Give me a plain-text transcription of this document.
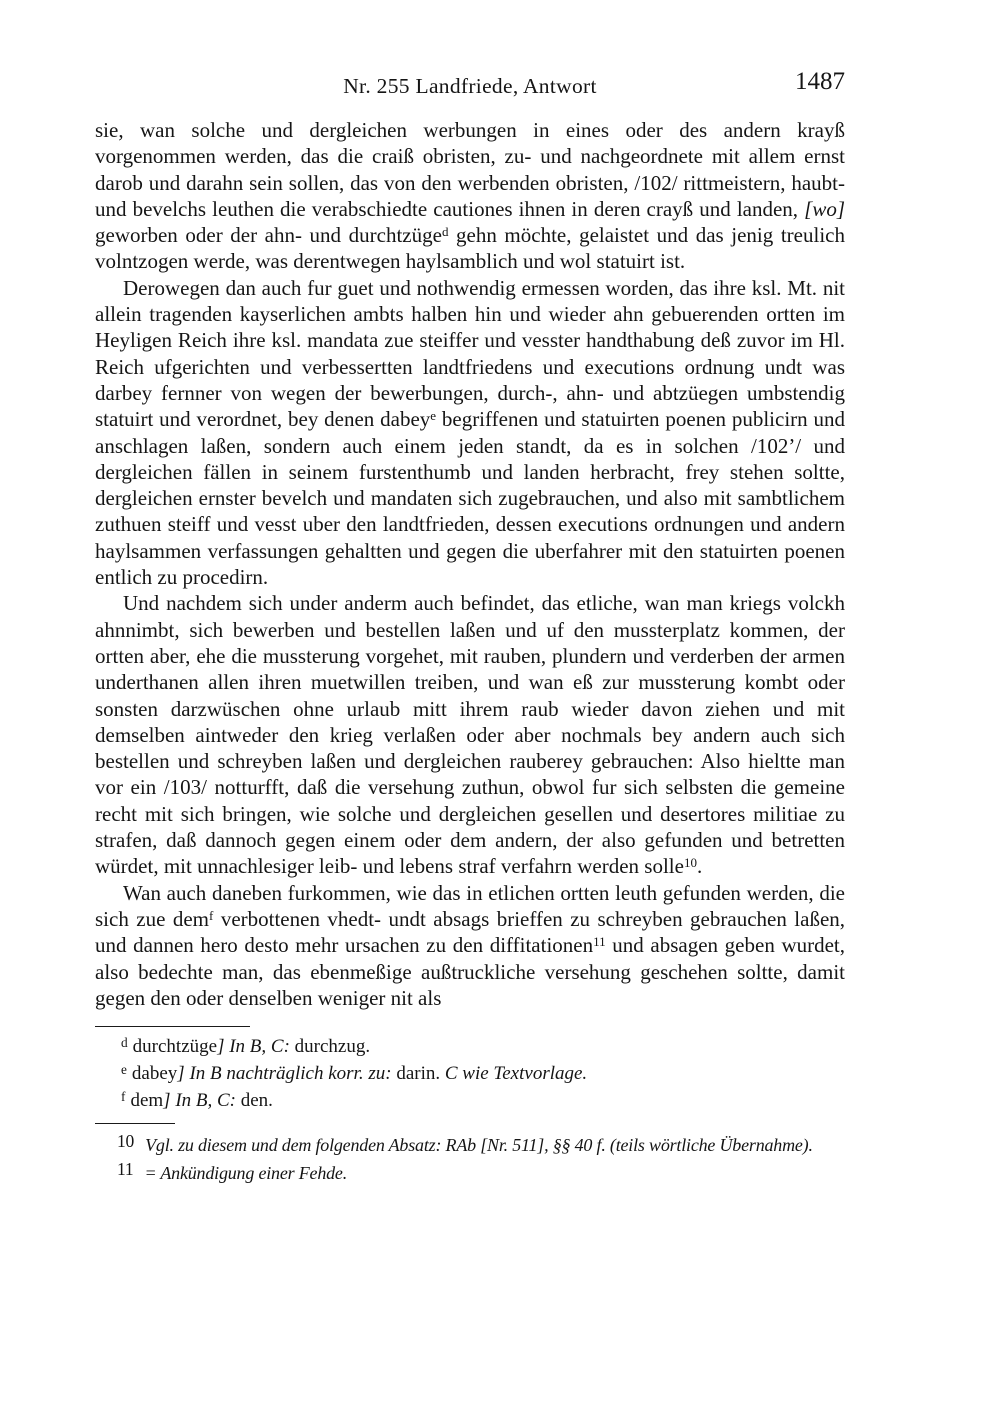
Nr. 255 Landfriede, Antwort	1487

sie, wan solche und dergleichen werbungen in eines oder des andern krayß vorgenommen werden, das die craiß obristen, zu- und nachgeordnete mit allem ernst darob und darahn sein sollen, das von den werbenden obristen, /102/ rittmeistern, haubt- und bevelchs leuthen die verabschiedte cautiones ihnen in deren crayß und landen, [wo] geworben oder der ahn- und durchtzüge$^d$ gehn möchte, gelaistet und das jenig treulich volntzogen werde, was derentwegen haylsamblich und wol statuirt ist.

Derowegen dan auch fur guet und nothwendig ermessen worden, das ihre ksl. Mt. nit allein tragenden kayserlichen ambts halben hin und wieder ahn gebuerenden ortten im Heyligen Reich ihre ksl. mandata zue steiffer und vesster handthabung deß zuvor im Hl. Reich ufgerichten und verbessertten landtfriedens und executions ordnung undt was darbey fernner von wegen der bewerbungen, durch-, ahn- und abtzüegen umbstendig statuirt und verordnet, bey denen dabey$^e$ begriffenen und statuirten poenen publicirn und anschlagen laßen, sondern auch einem jeden standt, da es in solchen /102’/ und dergleichen fällen in seinem furstenthumb und landen herbracht, frey stehen soltte, dergleichen ernster bevelch und mandaten sich zugebrauchen, und also mit sambtlichem zuthuen steiff und vesst uber den landtfrieden, dessen executions ordnungen und andern haylsammen verfassungen gehaltten und gegen die uberfahrer mit den statuirten poenen entlich zu procedirn.

Und nachdem sich under anderm auch befindet, das etliche, wan man kriegs volckh ahnnimbt, sich bewerben und bestellen laßen und uf den mussterplatz kommen, der ortten aber, ehe die mussterung vorgehet, mit rauben, plundern und verderben der armen underthanen allen ihren muetwillen treiben, und wan eß zur mussterung kombt oder sonsten darzwüschen ohne urlaub mitt ihrem raub wieder davon ziehen und mit demselben aintweder den krieg verlaßen oder aber nochmals bey andern auch sich bestellen und schreyben laßen und dergleichen rauberey gebrauchen: Also hieltte man vor ein /103/ notturfft, daß die versehung zuthun, obwol fur sich selbsten die gemeine recht mit sich bringen, wie solche und dergleichen gesellen und desertores militiae zu strafen, daß dannoch gegen einem oder dem andern, der also gefunden und betretten würdet, mit unnachlesiger leib- und lebens straf verfahrn werden solle$^{10}$.

Wan auch daneben furkommen, wie das in etlichen ortten leuth gefunden werden, die sich zue dem$^f$ verbottenen vhedt- undt absags brieffen zu schreyben gebrauchen laßen, und dannen hero desto mehr ursachen zu den diffitationen$^{11}$ und absagen geben wurdet, also bedechte man, das ebenmeßige außtruckliche versehung geschehen soltte, damit gegen den oder denselben weniger nit als

$^d$ durchtzüge] In B, C: durchzug.
$^e$ dabey] In B nachträglich korr. zu: darin. C wie Textvorlage.
$^f$ dem] In B, C: den.
10 Vgl. zu diesem und dem folgenden Absatz: RAb [Nr. 511], §§ 40 f. (teils wörtliche Übernahme).
11 = Ankündigung einer Fehde.
